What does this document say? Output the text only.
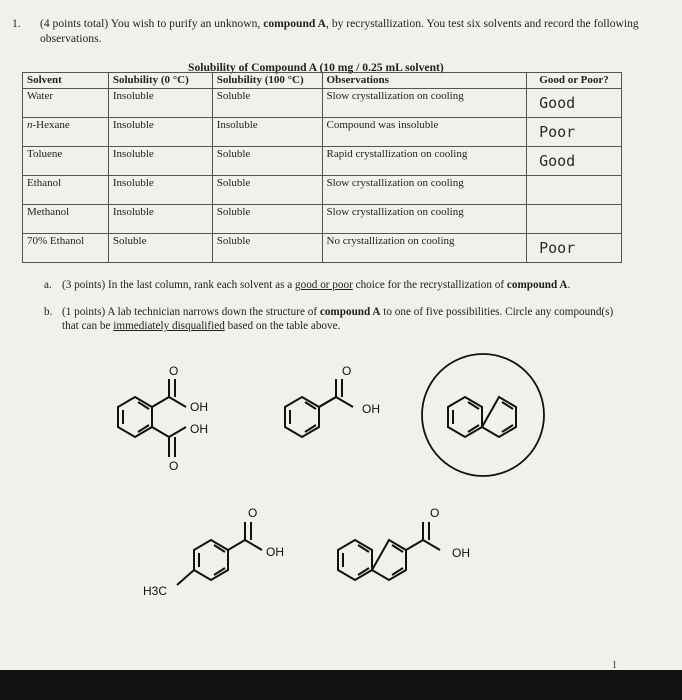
1. (4 points total) You wish to purify an unknown, compound A, by recrystallization. You test six solvents and record the following observations.
Solubility of Compound A (10 mg / 0.25 mL solvent)
Solvent	Solubility (0 °C)	Solubility (100 °C)	Observations	Good or Poor?
Water	Insoluble	Soluble	Slow crystallization on cooling	Good
n-Hexane	Insoluble	Insoluble	Compound was insoluble	Poor
Toluene	Insoluble	Soluble	Rapid crystallization on cooling	Good
Ethanol	Insoluble	Soluble	Slow crystallization on cooling	
Methanol	Insoluble	Soluble	Slow crystallization on cooling	
70% Ethanol	Soluble	Soluble	No crystallization on cooling	Poor
a. (3 points) In the last column, rank each solvent as a good or poor choice for the recrystallization of compound A.
b. (1 points) A lab technician narrows down the structure of compound A to one of five possibilities. Circle any compound(s) that can be immediately disqualified based on the table above.
O
OH
OH
O
O
OH
O
OH
H3C
O
OH
1
